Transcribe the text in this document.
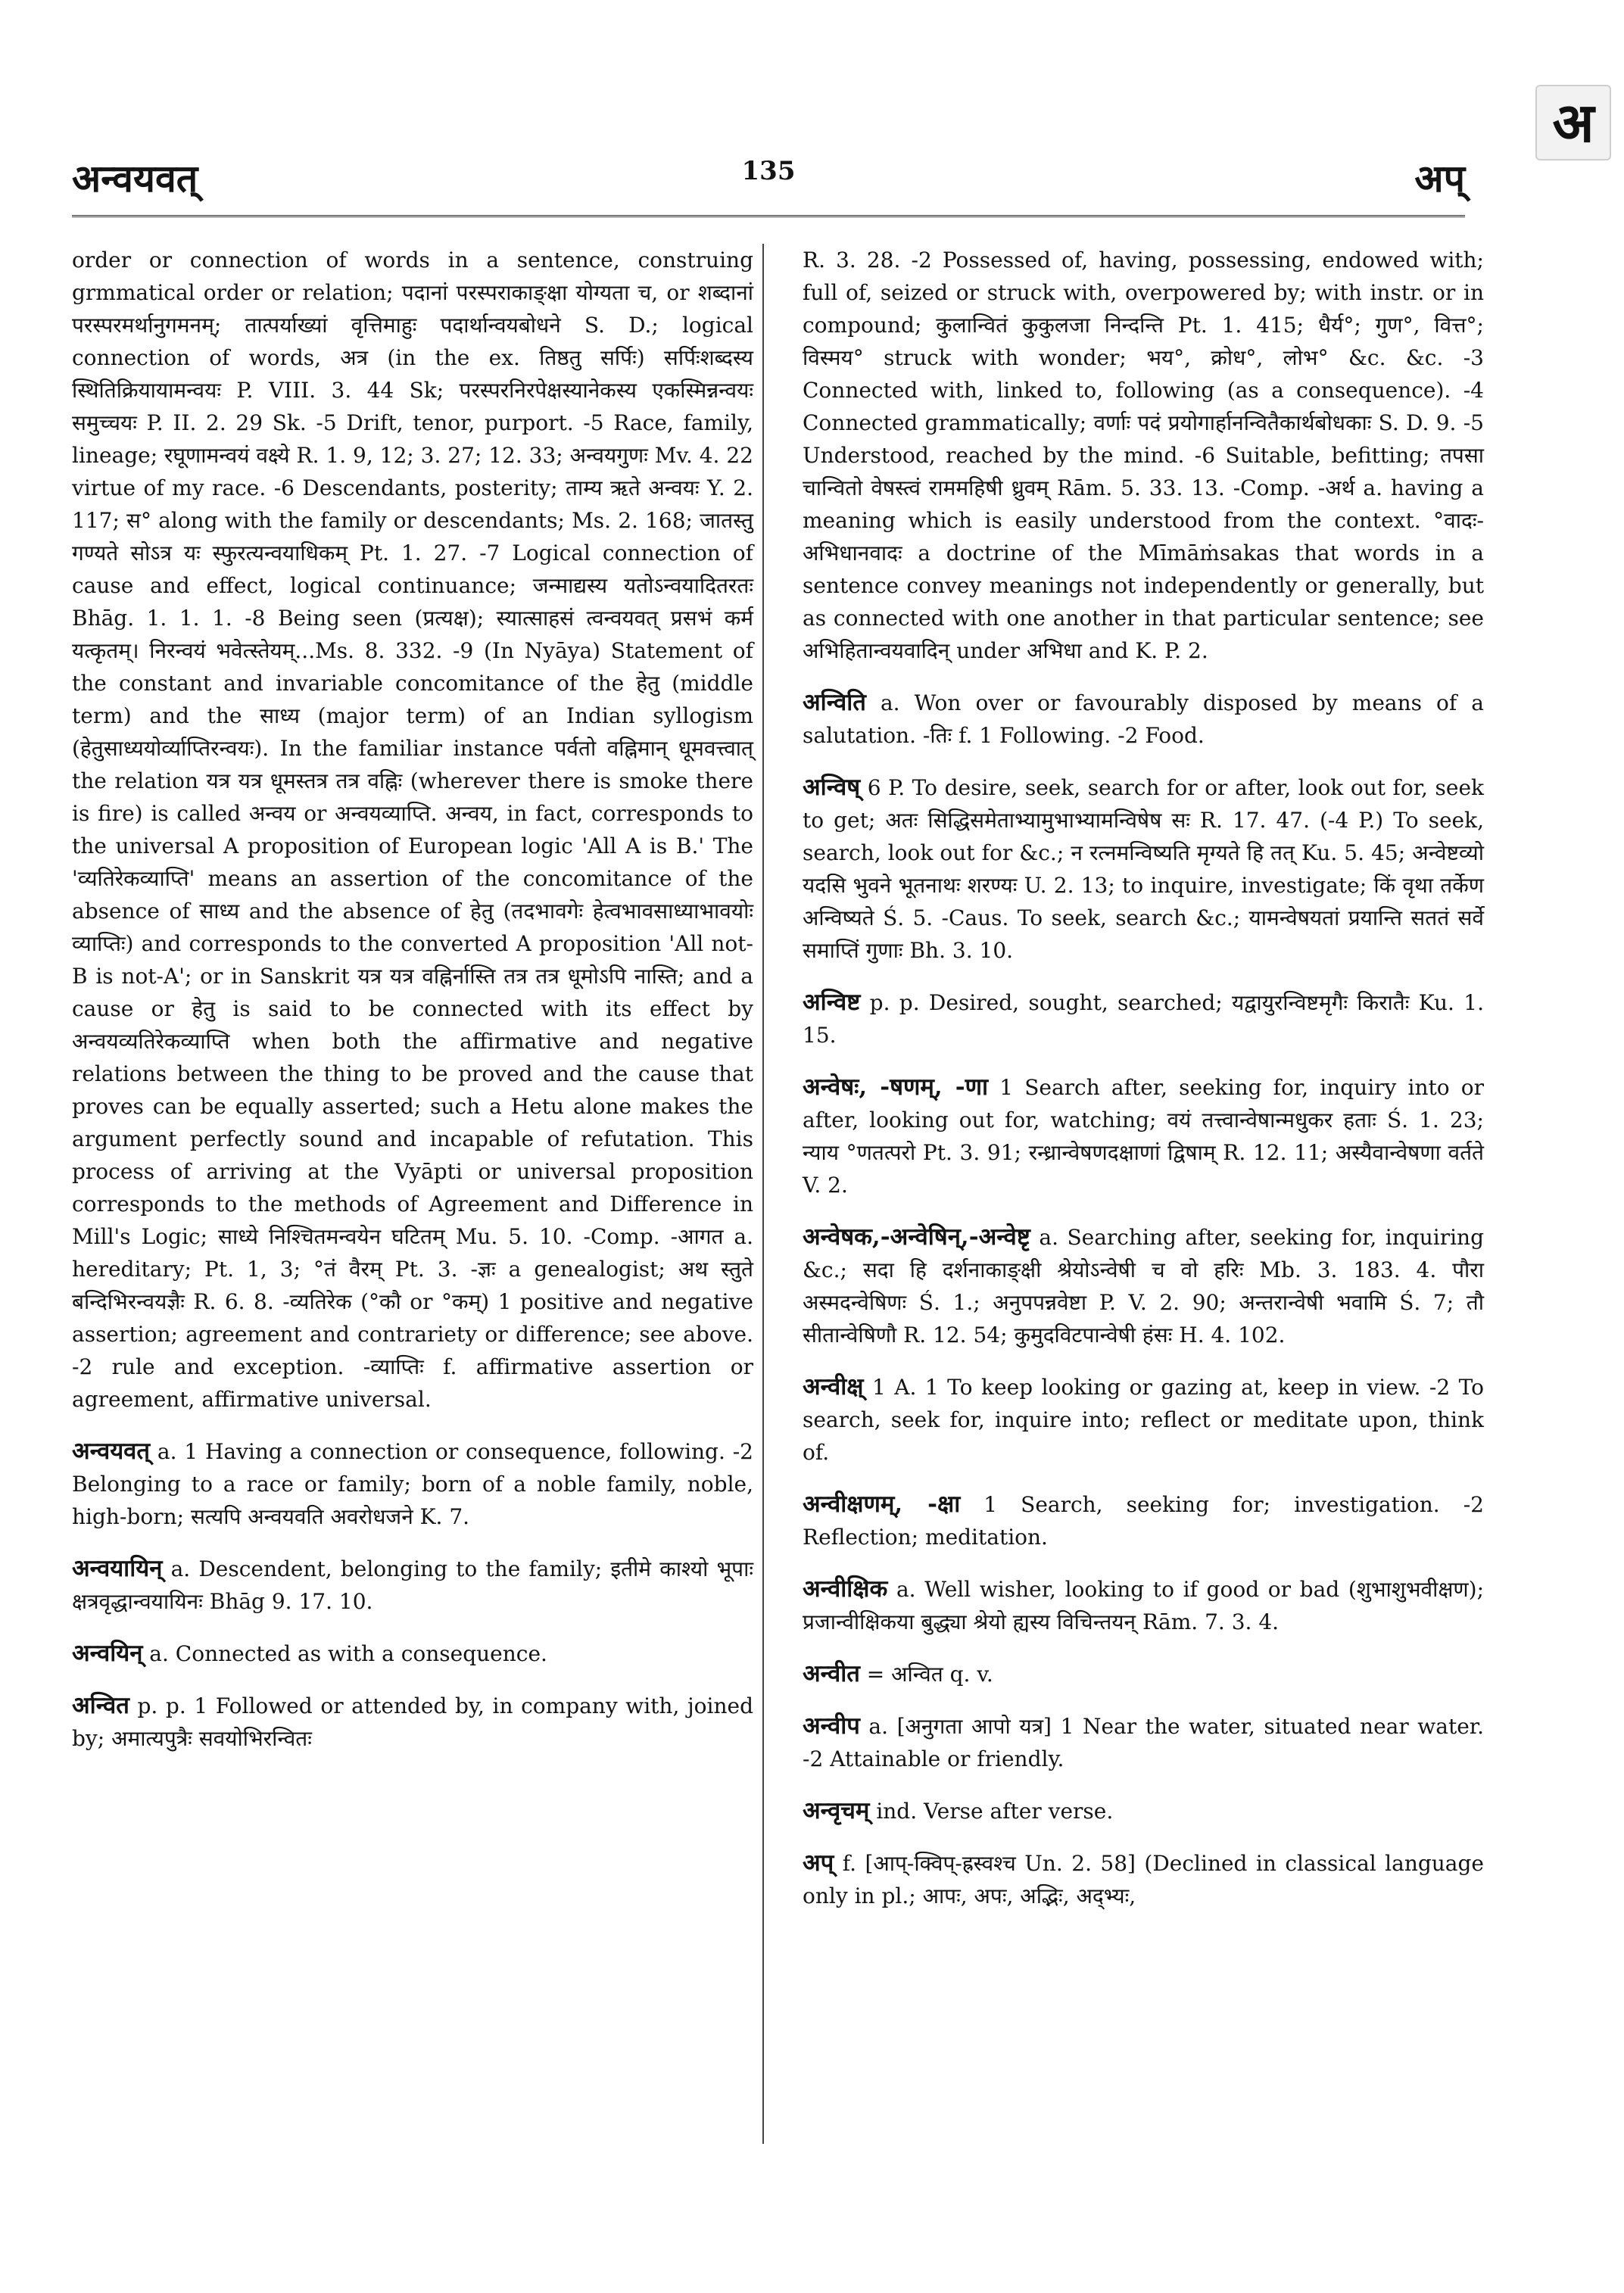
अ
अन्वयवत्	135	अप्

order or connection of words in a sentence, construing grmmatical order or relation; पदानां परस्पराकाङ्क्षा योग्यता च, or शब्दानां परस्परमर्थानुगमनम्; तात्पर्याख्यां वृत्तिमाहुः पदार्थान्वयबोधने S. D.; logical connection of words, अत्र (in the ex. तिष्ठतु सर्पिः) सर्पिःशब्दस्य स्थितिक्रियायामन्वयः P. VIII. 3. 44 Sk; परस्परनिरपेक्षस्यानेकस्य एकस्मिन्नन्वयः समुच्चयः P. II. 2. 29 Sk. -5 Drift, tenor, purport. -5 Race, family, lineage; रघूणामन्वयं वक्ष्ये R. 1. 9, 12; 3. 27; 12. 33; अन्वयगुणः Mv. 4. 22 virtue of my race. -6 Descendants, posterity; ताम्य ऋते अन्वयः Y. 2. 117; स° along with the family or descendants; Ms. 2. 168; जातस्तु गण्यते सोऽत्र यः स्फुरत्यन्वयाधिकम् Pt. 1. 27. -7 Logical connection of cause and effect, logical continuance; जन्माद्यस्य यतोऽन्वयादितरतः Bhāg. 1. 1. 1. -8 Being seen (प्रत्यक्ष); स्यात्साहसं त्वन्वयवत् प्रसभं कर्म यत्कृतम्। निरन्वयं भवेत्स्तेयम्...Ms. 8. 332. -9 (In Nyāya) Statement of the constant and invariable concomitance of the हेतु (middle term) and the साध्य (major term) of an Indian syllogism (हेतुसाध्ययोर्व्याप्तिरन्वयः). In the familiar instance पर्वतो वह्निमान् धूमवत्त्वात् the relation यत्र यत्र धूमस्तत्र तत्र वह्निः (wherever there is smoke there is fire) is called अन्वय or अन्वयव्याप्ति. अन्वय, in fact, corresponds to the universal A proposition of European logic 'All A is B.' The 'व्यतिरेकव्याप्ति' means an assertion of the concomitance of the absence of साध्य and the absence of हेतु (तदभावगेः हेत्वभावसाध्याभावयोः व्याप्तिः) and corresponds to the converted A proposition 'All not-B is not-A'; or in Sanskrit यत्र यत्र वह्निर्नास्ति तत्र तत्र धूमोऽपि नास्ति; and a cause or हेतु is said to be connected with its effect by अन्वयव्यतिरेकव्याप्ति when both the affirmative and negative relations between the thing to be proved and the cause that proves can be equally asserted; such a Hetu alone makes the argument perfectly sound and incapable of refutation. This process of arriving at the Vyāpti or universal proposition corresponds to the methods of Agreement and Difference in Mill's Logic; साध्ये निश्चितमन्वयेन घटितम् Mu. 5. 10. -Comp. -आगत a. hereditary; Pt. 1, 3; °तं वैरम् Pt. 3. -ज्ञः a genealogist; अथ स्तुते बन्दिभिरन्वयज्ञैः R. 6. 8. -व्यतिरेक (°कौ or °कम्) 1 positive and negative assertion; agreement and contrariety or difference; see above. -2 rule and exception. -व्याप्तिः f. affirmative assertion or agreement, affirmative universal.

अन्वयवत् a. 1 Having a connection or consequence, following. -2 Belonging to a race or family; born of a noble family, noble, high-born; सत्यपि अन्वयवति अवरोधजने K. 7.

अन्वयायिन् a. Descendent, belonging to the family; इतीमे काश्यो भूपाः क्षत्रवृद्धान्वयायिनः Bhāg 9. 17. 10.

अन्वयिन् a. Connected as with a consequence.

अन्वित p. p. 1 Followed or attended by, in company with, joined by; अमात्यपुत्रैः सवयोभिरन्वितः

R. 3. 28. -2 Possessed of, having, possessing, endowed with; full of, seized or struck with, overpowered by; with instr. or in compound; कुलान्वितं कुकुलजा निन्दन्ति Pt. 1. 415; धैर्य°; गुण°, वित्त°; विस्मय° struck with wonder; भय°, क्रोध°, लोभ° &c. &c. -3 Connected with, linked to, following (as a consequence). -4 Connected grammatically; वर्णाः पदं प्रयोगार्हानन्वितैकार्थबोधकाः S. D. 9. -5 Understood, reached by the mind. -6 Suitable, befitting; तपसा चान्वितो वेषस्त्वं राममहिषी ध्रुवम् Rām. 5. 33. 13. -Comp. -अर्थ a. having a meaning which is easily understood from the context. °वादः-अभिधानवादः a doctrine of the Mīmāṁsakas that words in a sentence convey meanings not independently or generally, but as connected with one another in that particular sentence; see अभिहितान्वयवादिन् under अभिधा and K. P. 2.

अन्विति a. Won over or favourably disposed by means of a salutation. -तिः f. 1 Following. -2 Food.

अन्विष् 6 P. To desire, seek, search for or after, look out for, seek to get; अतः सिद्धिसमेताभ्यामुभाभ्यामन्विषेष सः R. 17. 47. (-4 P.) To seek, search, look out for &c.; न रत्नमन्विष्यति मृग्यते हि तत् Ku. 5. 45; अन्वेष्टव्यो यदसि भुवने भूतनाथः शरण्यः U. 2. 13; to inquire, investigate; किं वृथा तर्केण अन्विष्यते Ś. 5. -Caus. To seek, search &c.; यामन्वेषयतां प्रयान्ति सततं सर्वे समाप्तिं गुणाः Bh. 3. 10.

अन्विष्ट p. p. Desired, sought, searched; यद्वायुरन्विष्टमृगैः किरातैः Ku. 1. 15.

अन्वेषः, -षणम्, -णा 1 Search after, seeking for, inquiry into or after, looking out for, watching; वयं तत्त्वान्वेषान्मधुकर हताः Ś. 1. 23; न्याय °णतत्परो Pt. 3. 91; रन्ध्रान्वेषणदक्षाणां द्विषाम् R. 12. 11; अस्यैवान्वेषणा वर्तते V. 2.

अन्वेषक,-अन्वेषिन्,-अन्वेष्टृ a. Searching after, seeking for, inquiring &c.; सदा हि दर्शनाकाङ्क्षी श्रेयोऽन्वेषी च वो हरिः Mb. 3. 183. 4. पौरा अस्मदन्वेषिणः Ś. 1.; अनुपपन्नवेष्टा P. V. 2. 90; अन्तरान्वेषी भवामि Ś. 7; तौ सीतान्वेषिणौ R. 12. 54; कुमुदविटपान्वेषी हंसः H. 4. 102.

अन्वीक्ष् 1 A. 1 To keep looking or gazing at, keep in view. -2 To search, seek for, inquire into; reflect or meditate upon, think of.

अन्वीक्षणम्, -क्षा 1 Search, seeking for; investigation. -2 Reflection; meditation.

अन्वीक्षिक a. Well wisher, looking to if good or bad (शुभाशुभवीक्षण); प्रजान्वीक्षिकया बुद्ध्या श्रेयो ह्यस्य विचिन्तयन् Rām. 7. 3. 4.

अन्वीत = अन्वित q. v.

अन्वीप a. [अनुगता आपो यत्र] 1 Near the water, situated near water. -2 Attainable or friendly.

अन्वृचम् ind. Verse after verse.

अप् f. [आप्-क्विप्-ह्रस्वश्च Un. 2. 58] (Declined in classical language only in pl.; आपः, अपः, अद्भिः, अद्भ्यः,
